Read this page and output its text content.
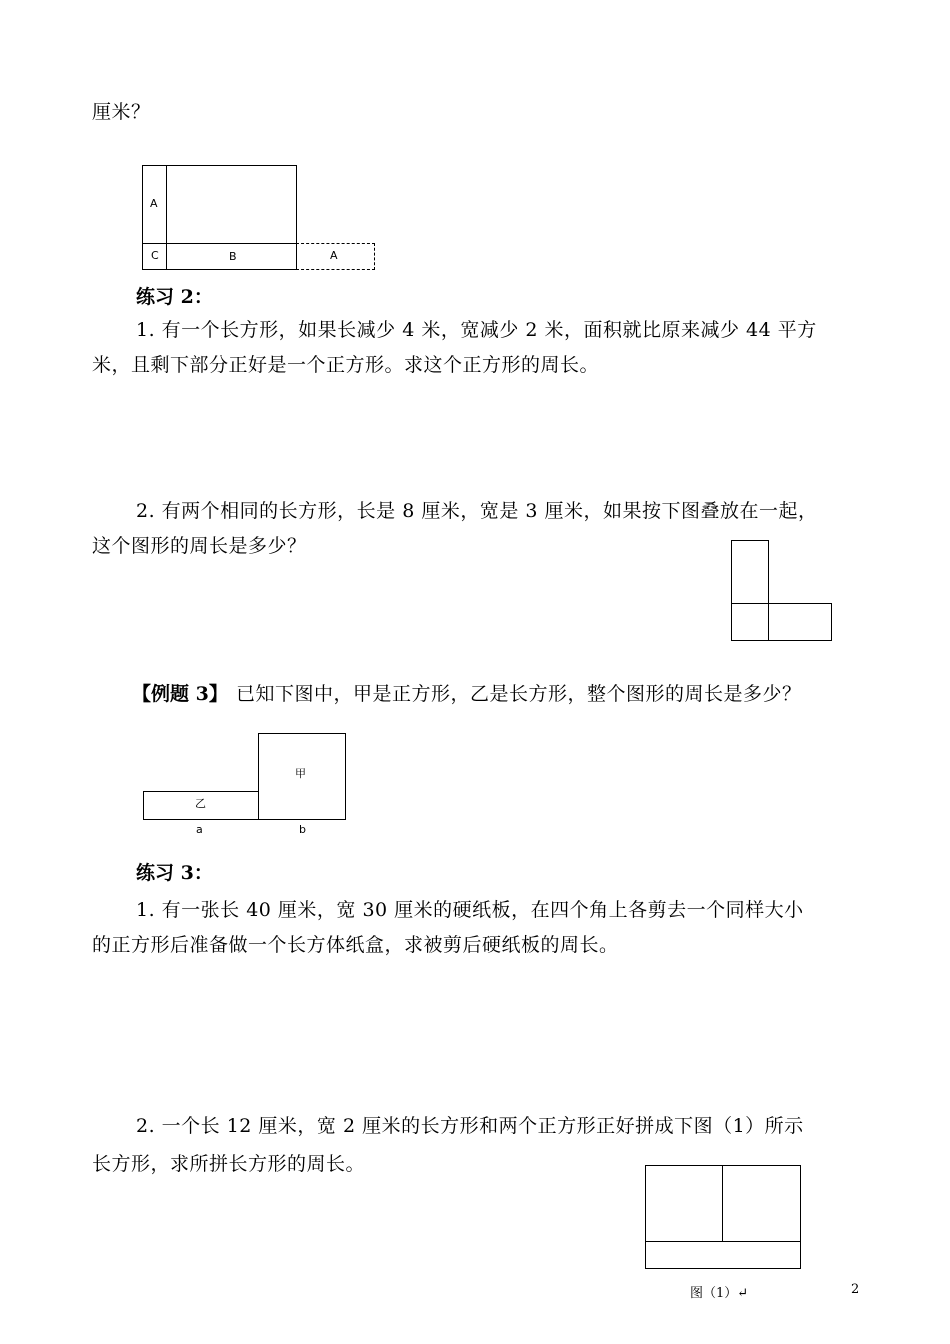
厘米？
A
C	B	A
练习 2：
1. 有一个长方形，如果长减少 4 米，宽减少 2 米，面积就比原来减少 44 平方
米，且剩下部分正好是一个正方形。求这个正方形的周长。
2. 有两个相同的长方形，长是 8 厘米，宽是 3 厘米，如果按下图叠放在一起，
这个图形的周长是多少？
【例题 3】 已知下图中，甲是正方形，乙是长方形，整个图形的周长是多少？
甲
乙
a	b
练习 3：
1. 有一张长 40 厘米，宽 30 厘米的硬纸板，在四个角上各剪去一个同样大小
的正方形后准备做一个长方体纸盒，求被剪后硬纸板的周长。
2. 一个长 12 厘米，宽 2 厘米的长方形和两个正方形正好拼成下图（1）所示
长方形，求所拼长方形的周长。
图（1）↵	2
